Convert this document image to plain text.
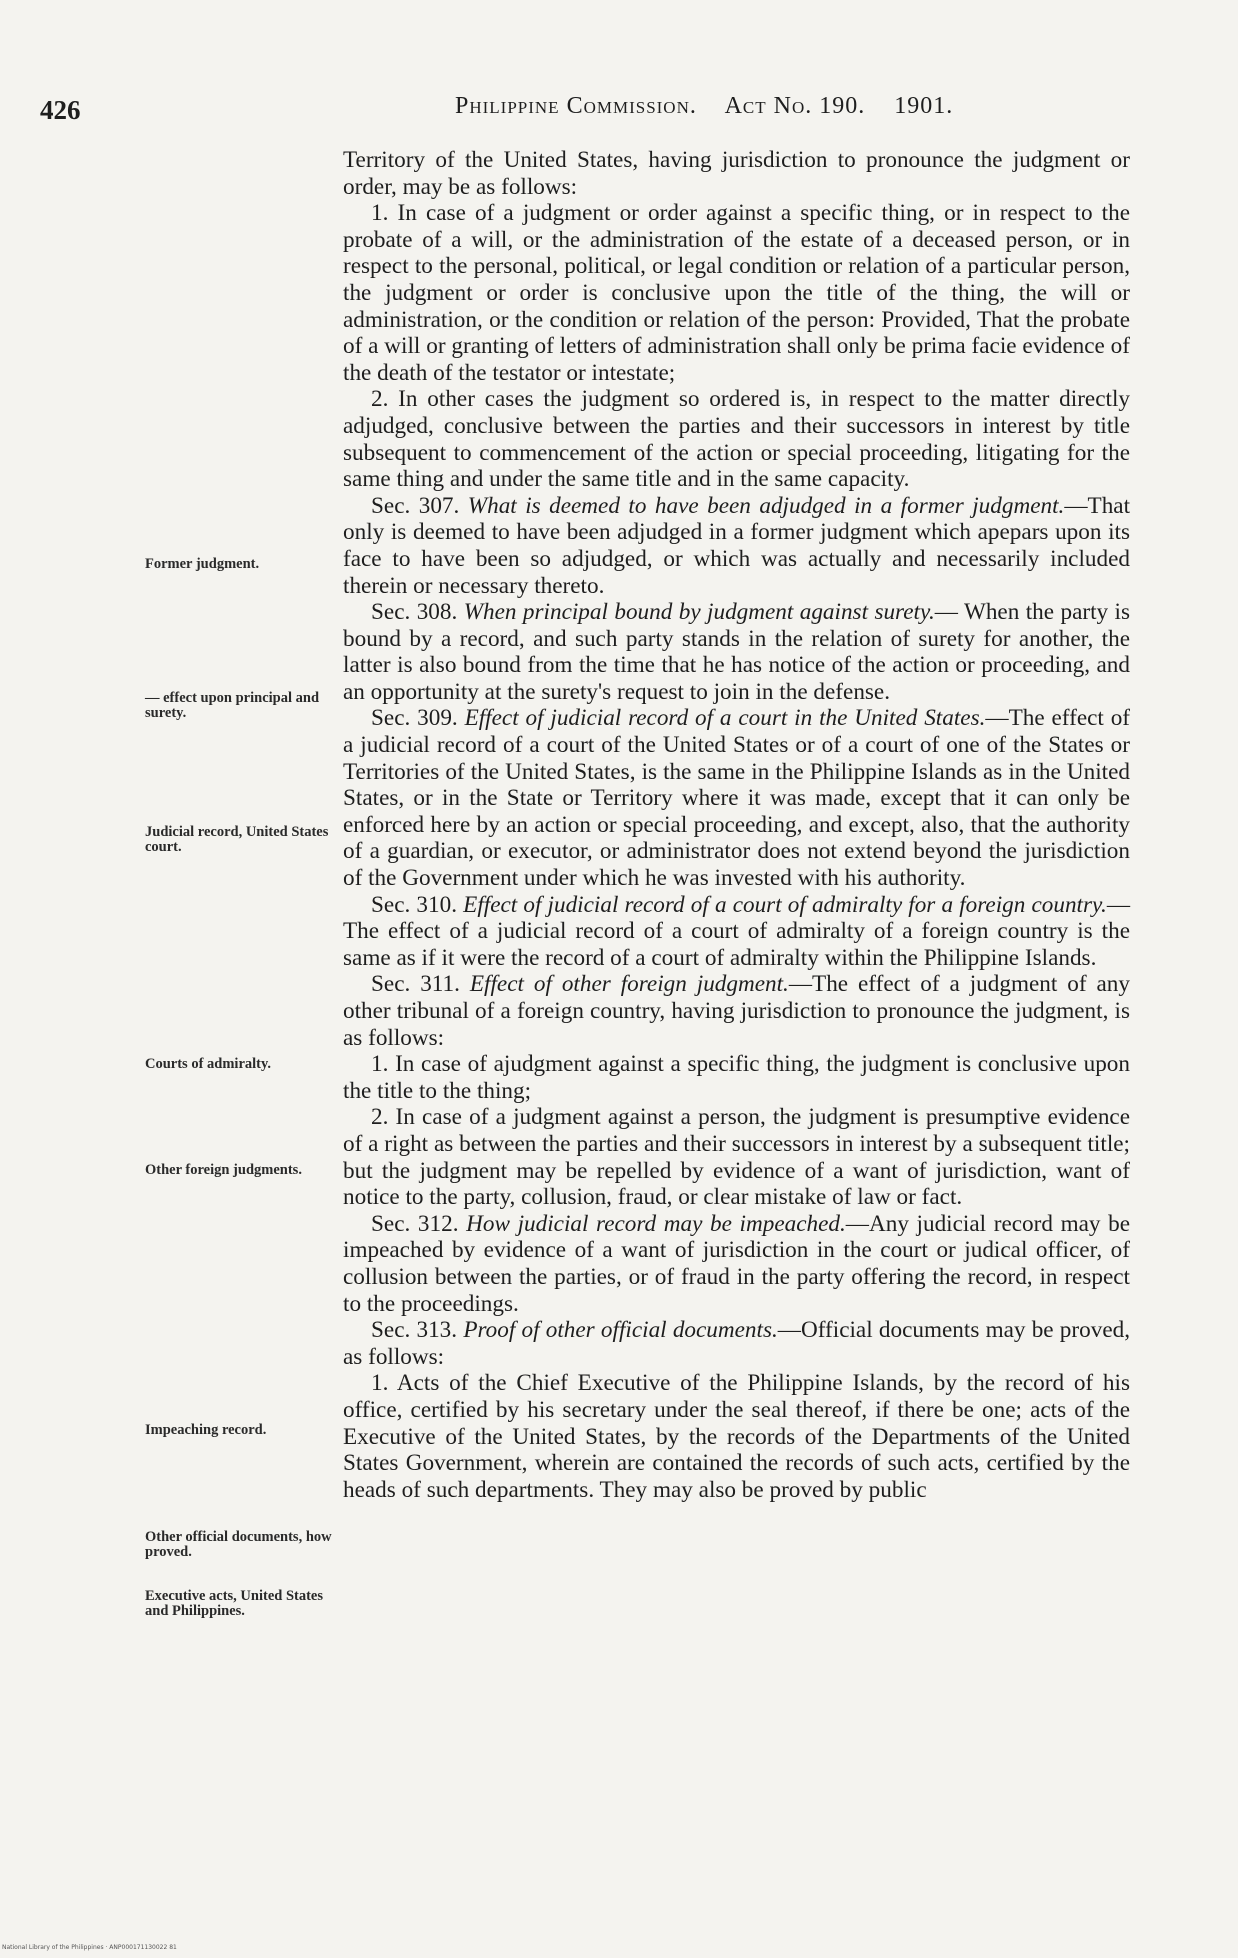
426	Philippine Commission. Act No. 190. 1901.
Former judgment.
— effect upon principal and surety.
Judicial record, United States court.
Courts of admiralty.
Other foreign judgments.
Impeaching record.
Other official documents, how proved.
Executive acts, United States and Philippines.

Territory of the United States, having jurisdiction to pronounce the judgment or order, may be as follows:

1. In case of a judgment or order against a specific thing, or in respect to the probate of a will, or the administration of the estate of a deceased person, or in respect to the personal, political, or legal condition or relation of a particular person, the judgment or order is conclusive upon the title of the thing, the will or administration, or the condition or relation of the person: Provided, That the probate of a will or granting of letters of administration shall only be prima facie evidence of the death of the testator or intestate;

2. In other cases the judgment so ordered is, in respect to the matter directly adjudged, conclusive between the parties and their successors in interest by title subsequent to commencement of the action or special proceeding, litigating for the same thing and under the same title and in the same capacity.

Sec. 307. What is deemed to have been adjudged in a former judgment.—That only is deemed to have been adjudged in a former judgment which apepars upon its face to have been so adjudged, or which was actually and necessarily included therein or necessary thereto.

Sec. 308. When principal bound by judgment against surety.— When the party is bound by a record, and such party stands in the relation of surety for another, the latter is also bound from the time that he has notice of the action or proceeding, and an opportunity at the surety's request to join in the defense.

Sec. 309. Effect of judicial record of a court in the United States.—The effect of a judicial record of a court of the United States or of a court of one of the States or Territories of the United States, is the same in the Philippine Islands as in the United States, or in the State or Territory where it was made, except that it can only be enforced here by an action or special proceeding, and except, also, that the authority of a guardian, or executor, or administrator does not extend beyond the jurisdiction of the Government under which he was invested with his authority.

Sec. 310. Effect of judicial record of a court of admiralty for a foreign country.—The effect of a judicial record of a court of admiralty of a foreign country is the same as if it were the record of a court of admiralty within the Philippine Islands.

Sec. 311. Effect of other foreign judgment.—The effect of a judgment of any other tribunal of a foreign country, having jurisdiction to pronounce the judgment, is as follows:

1. In case of ajudgment against a specific thing, the judgment is conclusive upon the title to the thing;

2. In case of a judgment against a person, the judgment is presumptive evidence of a right as between the parties and their successors in interest by a subsequent title; but the judgment may be repelled by evidence of a want of jurisdiction, want of notice to the party, collusion, fraud, or clear mistake of law or fact.

Sec. 312. How judicial record may be impeached.—Any judicial record may be impeached by evidence of a want of jurisdiction in the court or judical officer, of collusion between the parties, or of fraud in the party offering the record, in respect to the proceedings.

Sec. 313. Proof of other official documents.—Official documents may be proved, as follows:

1. Acts of the Chief Executive of the Philippine Islands, by the record of his office, certified by his secretary under the seal thereof, if there be one; acts of the Executive of the United States, by the records of the Departments of the United States Government, wherein are contained the records of such acts, certified by the heads of such departments. They may also be proved by public

National Library of the Philippines · ANP000171130022 81
